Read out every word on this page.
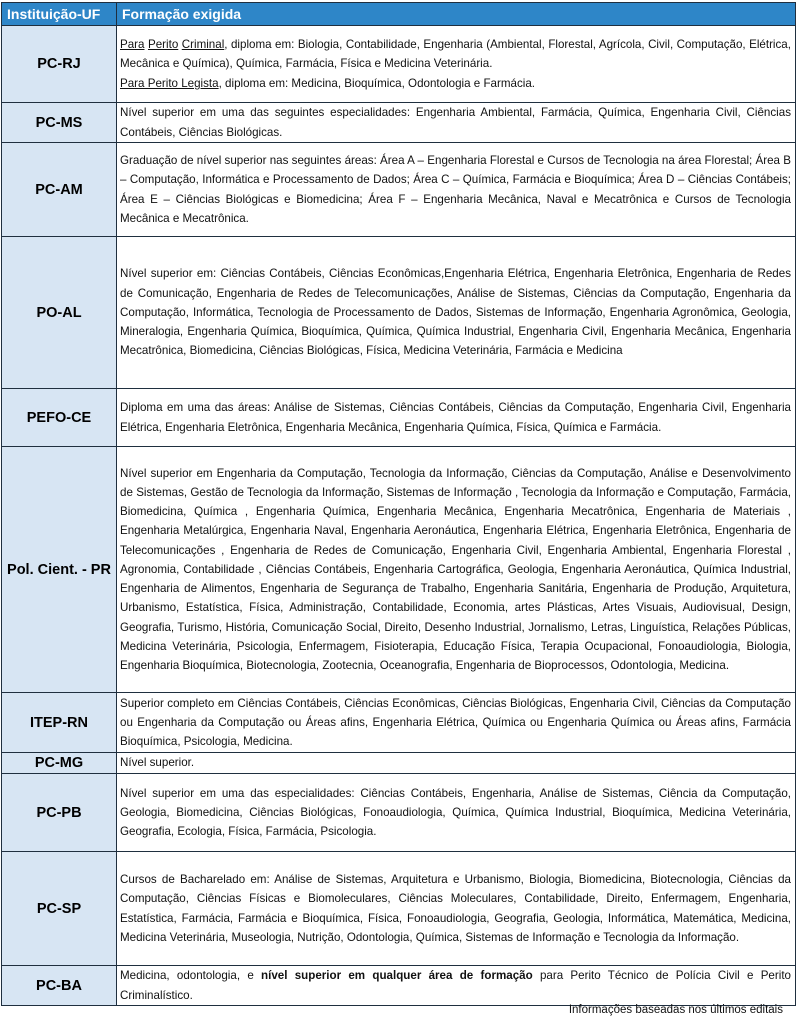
Instituição-UF	Formação exigida
PC-RJ	Para Perito Criminal, diploma em: Biologia, Contabilidade, Engenharia (Ambiental, Florestal, Agrícola, Civil, Computação, Elétrica, Mecânica e Química), Química, Farmácia, Física e Medicina Veterinária.
Para Perito Legista, diploma em: Medicina, Bioquímica, Odontologia e Farmácia.
PC-MS	Nível superior em uma das seguintes especialidades: Engenharia Ambiental, Farmácia, Química, Engenharia Civil, Ciências Contábeis, Ciências Biológicas.
PC-AM	Graduação de nível superior nas seguintes áreas: Área A – Engenharia Florestal e Cursos de Tecnologia na área Florestal; Área B – Computação, Informática e Processamento de Dados; Área C – Química, Farmácia e Bioquímica; Área D – Ciências Contábeis; Área E – Ciências Biológicas e Biomedicina; Área F – Engenharia Mecânica, Naval e Mecatrônica e Cursos de Tecnologia Mecânica e Mecatrônica.
PO-AL	Nível superior em: Ciências Contábeis, Ciências Econômicas,Engenharia Elétrica, Engenharia Eletrônica, Engenharia de Redes de Comunicação, Engenharia de Redes de Telecomunicações, Análise de Sistemas, Ciências da Computação, Engenharia da Computação, Informática, Tecnologia de Processamento de Dados, Sistemas de Informação, Engenharia Agronômica, Geologia, Mineralogia, Engenharia Química, Bioquímica, Química, Química Industrial, Engenharia Civil, Engenharia Mecânica, Engenharia Mecatrônica, Biomedicina, Ciências Biológicas, Física, Medicina Veterinária, Farmácia e Medicina
PEFO-CE	Diploma em uma das áreas: Análise de Sistemas, Ciências Contábeis, Ciências da Computação, Engenharia Civil, Engenharia Elétrica, Engenharia Eletrônica, Engenharia Mecânica, Engenharia Química, Física, Química e Farmácia.
Pol. Cient. - PR	Nível superior em Engenharia da Computação, Tecnologia da Informação, Ciências da Computação, Análise e Desenvolvimento de Sistemas, Gestão de Tecnologia da Informação, Sistemas de Informação , Tecnologia da Informação e Computação, Farmácia, Biomedicina, Química , Engenharia Química, Engenharia Mecânica, Engenharia Mecatrônica, Engenharia de Materiais , Engenharia Metalúrgica, Engenharia Naval, Engenharia Aeronáutica, Engenharia Elétrica, Engenharia Eletrônica, Engenharia de Telecomunicações , Engenharia de Redes de Comunicação, Engenharia Civil, Engenharia Ambiental, Engenharia Florestal , Agronomia, Contabilidade , Ciências Contábeis, Engenharia Cartográfica, Geologia, Engenharia Aeronáutica, Química Industrial, Engenharia de Alimentos, Engenharia de Segurança de Trabalho, Engenharia Sanitária, Engenharia de Produção, Arquitetura, Urbanismo, Estatística, Física, Administração, Contabilidade, Economia, artes Plásticas, Artes Visuais, Audiovisual, Design, Geografia, Turismo, História, Comunicação Social, Direito, Desenho Industrial, Jornalismo, Letras, Linguística, Relações Públicas, Medicina Veterinária, Psicologia, Enfermagem, Fisioterapia, Educação Física, Terapia Ocupacional, Fonoaudiologia, Biologia, Engenharia Bioquímica, Biotecnologia, Zootecnia, Oceanografia, Engenharia de Bioprocessos, Odontologia, Medicina.
ITEP-RN	Superior completo em Ciências Contábeis, Ciências Econômicas, Ciências Biológicas, Engenharia Civil, Ciências da Computação ou Engenharia da Computação ou Áreas afins, Engenharia Elétrica, Química ou Engenharia Química ou Áreas afins, Farmácia Bioquímica, Psicologia, Medicina.
PC-MG	Nível superior.
PC-PB	Nível superior em uma das especialidades: Ciências Contábeis, Engenharia, Análise de Sistemas, Ciência da Computação, Geologia, Biomedicina, Ciências Biológicas, Fonoaudiologia, Química, Química Industrial, Bioquímica, Medicina Veterinária, Geografia, Ecologia, Física, Farmácia, Psicologia.
PC-SP	Cursos de Bacharelado em: Análise de Sistemas, Arquitetura e Urbanismo, Biologia, Biomedicina, Biotecnologia, Ciências da Computação, Ciências Físicas e Biomoleculares, Ciências Moleculares, Contabilidade, Direito, Enfermagem, Engenharia, Estatística, Farmácia, Farmácia e Bioquímica, Física, Fonoaudiologia, Geografia, Geologia, Informática, Matemática, Medicina, Medicina Veterinária, Museologia, Nutrição, Odontologia, Química, Sistemas de Informação e Tecnologia da Informação.
PC-BA	Medicina, odontologia, e nível superior em qualquer área de formação para Perito Técnico de Polícia Civil e Perito Criminalístico.
Informações baseadas nos últimos editais
